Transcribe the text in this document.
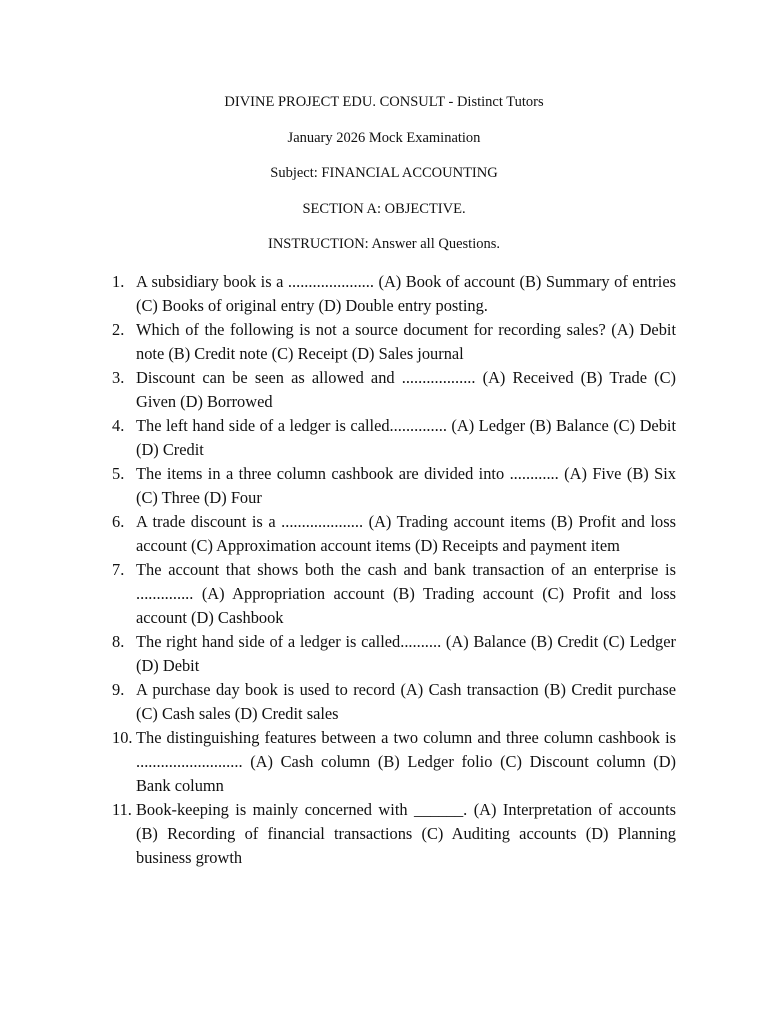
DIVINE PROJECT EDU. CONSULT - Distinct Tutors

January 2026 Mock Examination

Subject: FINANCIAL ACCOUNTING

SECTION A: OBJECTIVE.

INSTRUCTION: Answer all Questions.

1. A subsidiary book is a ..................... (A) Book of account (B) Summary of entries (C) Books of original entry (D) Double entry posting.
2. Which of the following is not a source document for recording sales? (A) Debit note (B) Credit note (C) Receipt (D) Sales journal
3. Discount can be seen as allowed and .................. (A) Received (B) Trade (C) Given (D) Borrowed
4. The left hand side of a ledger is called.............. (A) Ledger (B) Balance (C) Debit (D) Credit
5. The items in a three column cashbook are divided into ............ (A) Five (B) Six (C) Three (D) Four
6. A trade discount is a .................... (A) Trading account items (B) Profit and loss account (C) Approximation account items (D) Receipts and payment item
7. The account that shows both the cash and bank transaction of an enterprise is .............. (A) Appropriation account (B) Trading account (C) Profit and loss account (D) Cashbook
8. The right hand side of a ledger is called.......... (A) Balance (B) Credit (C) Ledger (D) Debit
9. A purchase day book is used to record (A) Cash transaction (B) Credit purchase (C) Cash sales (D) Credit sales
10. The distinguishing features between a two column and three column cashbook is .......................... (A) Cash column (B) Ledger folio (C) Discount column (D) Bank column
11. Book-keeping is mainly concerned with ______. (A) Interpretation of accounts (B) Recording of financial transactions (C) Auditing accounts (D) Planning business growth
